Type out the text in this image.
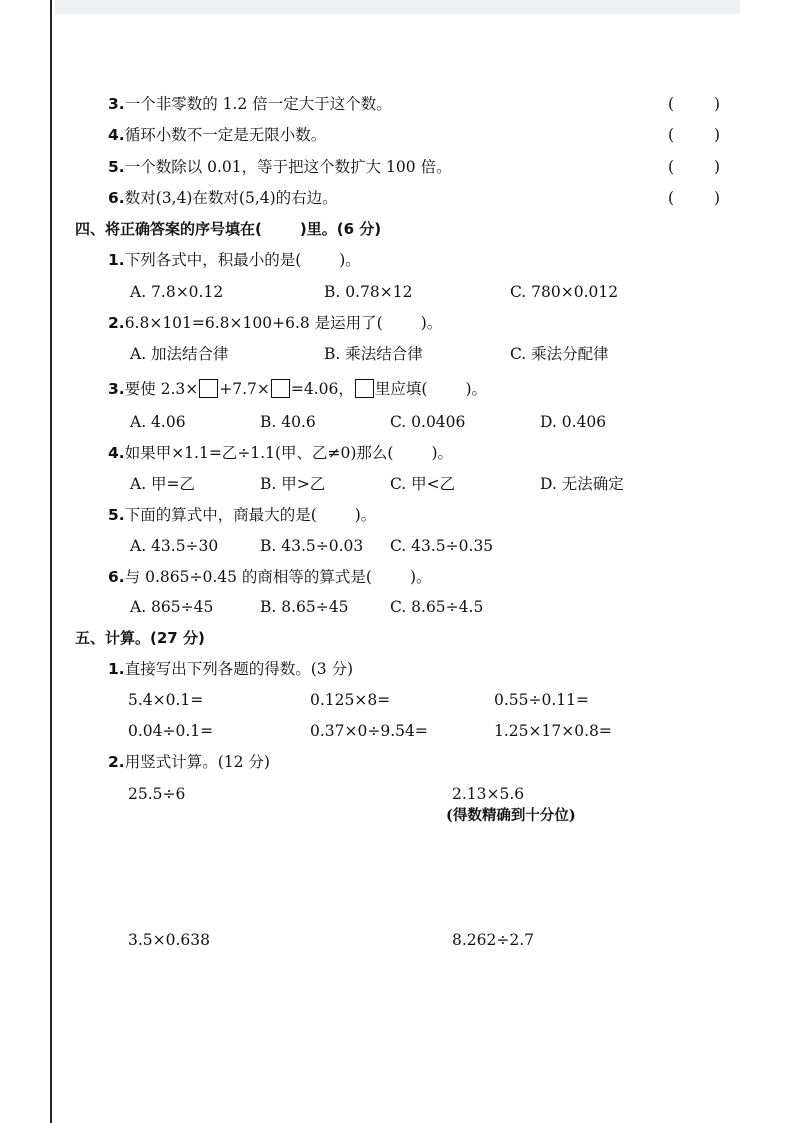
3.一个非零数的 1.2 倍一定大于这个数。	(	)
4.循环小数不一定是无限小数。	(	)
5.一个数除以 0.01，等于把这个数扩大 100 倍。	(	)
6.数对(3,4)在数对(5,4)的右边。	(	)
四、将正确答案的序号填在(	)里。(6 分)
1.下列各式中，积最小的是( )。
A. 7.8×0.12	B. 0.78×12	C. 780×0.012
2.6.8×101=6.8×100+6.8 是运用了( )。
A. 加法结合律	B. 乘法结合律	C. 乘法分配律
3.要使 2.3× +7.7× =4.06， 里应填( )。
A. 4.06	B. 40.6	C. 0.0406	D. 0.406
4.如果甲×1.1=乙÷1.1(甲、乙≠0)那么( )。
A. 甲=乙	B. 甲>乙	C. 甲<乙	D. 无法确定
5.下面的算式中，商最大的是( )。
A. 43.5÷30	B. 43.5÷0.03 C. 43.5÷0.35
6.与 0.865÷0.45 的商相等的算式是( )。
A. 865÷45	B. 8.65÷45	C. 8.65÷4.5
五、计算。(27 分)
1.直接写出下列各题的得数。(3 分)
5.4×0.1=	0.125×8=	0.55÷0.11=
0.04÷0.1=	0.37×0÷9.54=	1.25×17×0.8=
2.用竖式计算。(12 分)
25.5÷6	2.13×5.6
(得数精确到十分位)
3.5×0.638	8.262÷2.7
